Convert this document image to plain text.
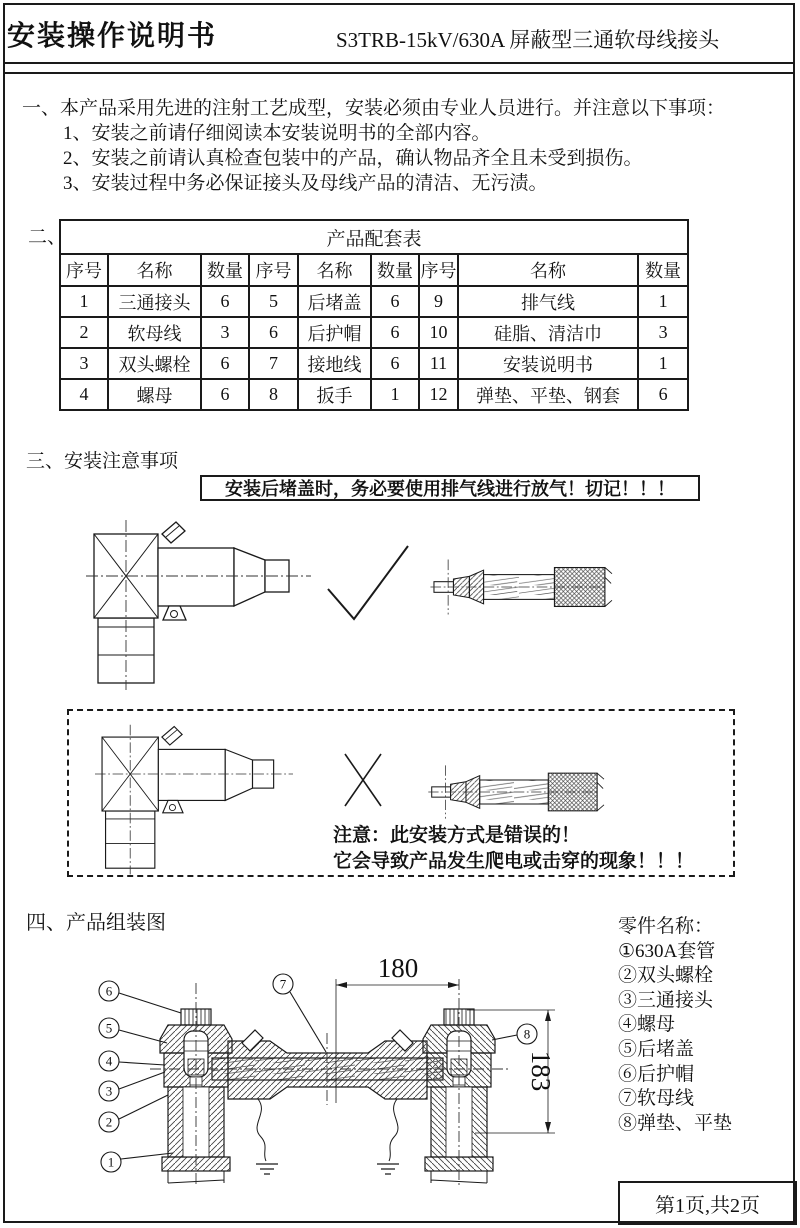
安装操作说明书	S3TRB-15kV/630A 屏蔽型三通软母线接头
一、本产品采用先进的注射工艺成型，安装必须由专业人员进行。并注意以下事项：
1、安装之前请仔细阅读本安装说明书的全部内容。
2、安装之前请认真检查包装中的产品，确认物品齐全且未受到损伤。
3、安装过程中务必保证接头及母线产品的清洁、无污渍。
二、	产品配套表								
序号	名称	数量	序号	名称	数量	序号	名称	数量
1	三通接头	6	5	后堵盖	6	9	排气线	1
2	软母线	3	6	后护帽	6	10	硅脂、清洁巾	3
3	双头螺栓	6	7	接地线	6	11	安装说明书	1
4	螺母	6	8	扳手	1	12	弹垫、平垫、钢套	6
三、安装注意事项
安装后堵盖时，务必要使用排气线进行放气！切记！！！
注意：此安装方式是错误的！
它会导致产品发生爬电或击穿的现象！！！
四、产品组装图
180
183
6
5
4
3
2
1
7
8
零件名称：
①630A套管
②双头螺栓
③三通接头
④螺母
⑤后堵盖
⑥后护帽
⑦软母线
⑧弹垫、平垫
第1页,共2页
